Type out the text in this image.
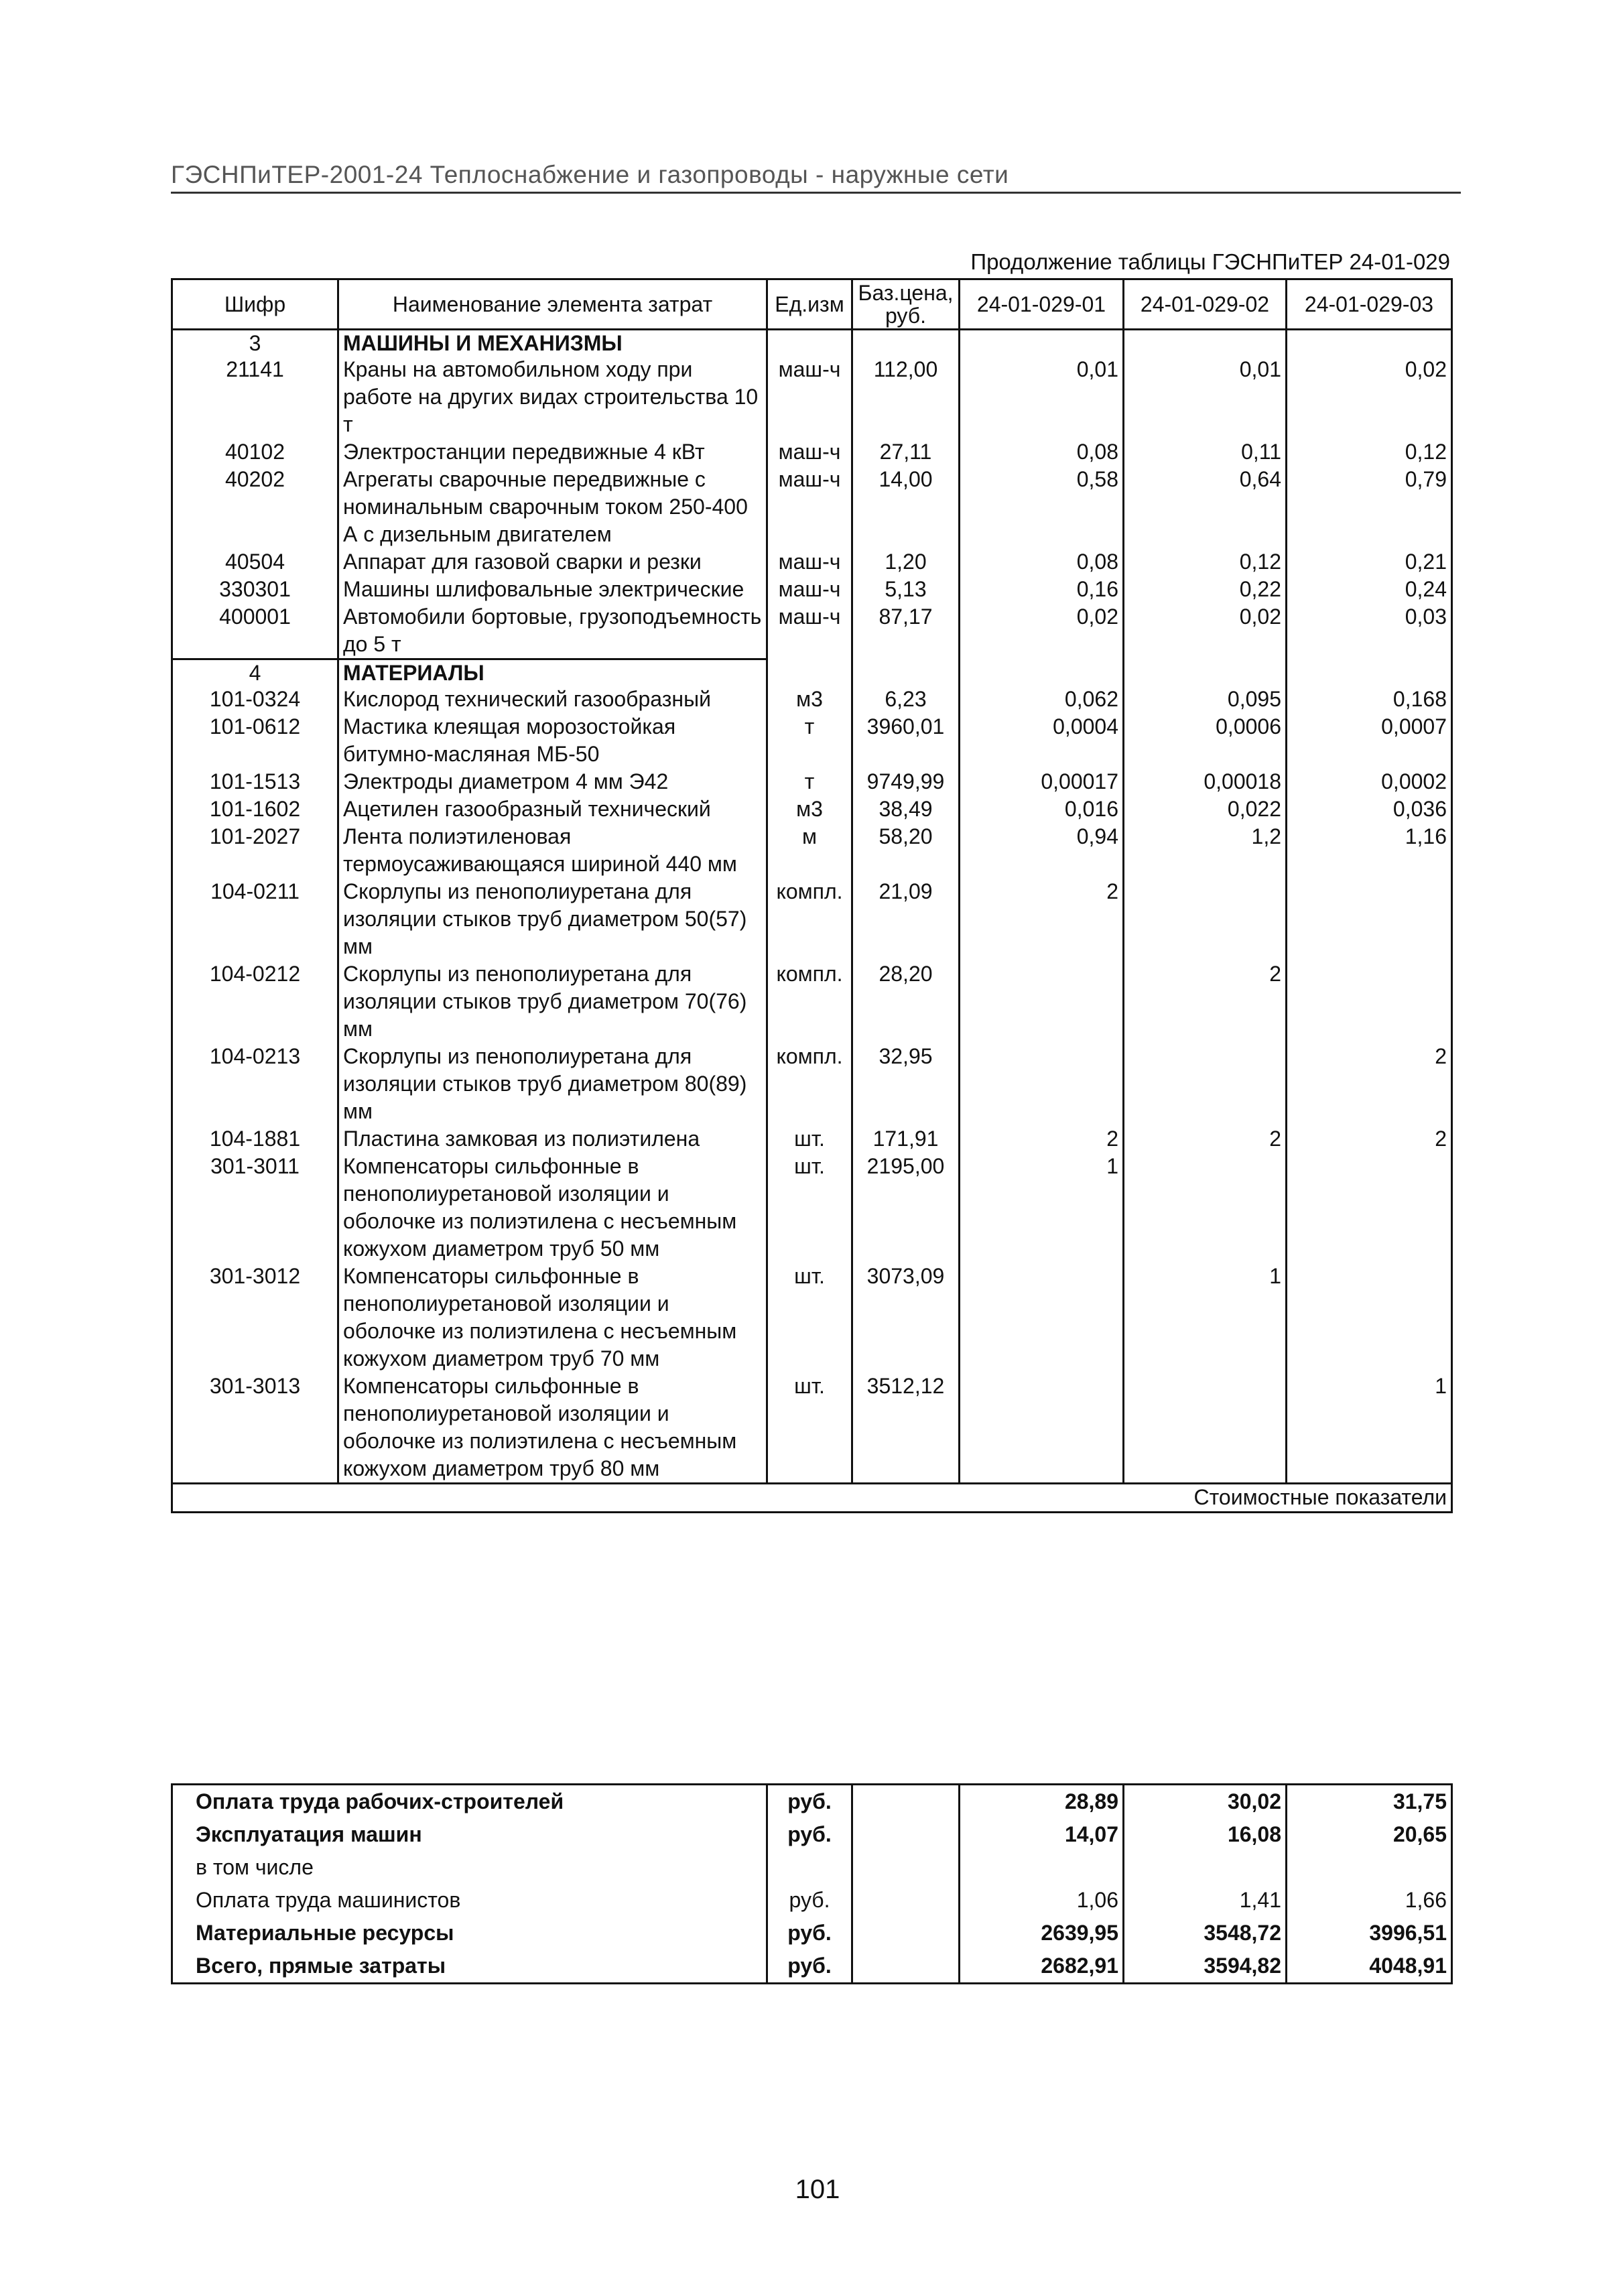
ГЭСНПиТЕР-2001-24 Теплоснабжение и газопроводы - наружные сети
Продолжение таблицы ГЭСНПиТЕР 24-01-029
Шифр	Наименование элемента затрат	Ед.изм	Баз.цена, руб.	24-01-029-01	24-01-029-02	24-01-029-03
3	МАШИНЫ И МЕХАНИЗМЫ					
21141	Краны на автомобильном ходу при работе на других видах строительства 10 т	маш-ч	112,00	0,01	0,01	0,02
40102	Электростанции передвижные 4 кВт	маш-ч	27,11	0,08	0,11	0,12
40202	Агрегаты сварочные передвижные с номинальным сварочным током 250-400 А с дизельным двигателем	маш-ч	14,00	0,58	0,64	0,79
40504	Аппарат для газовой сварки и резки	маш-ч	1,20	0,08	0,12	0,21
330301	Машины шлифовальные электрические	маш-ч	5,13	0,16	0,22	0,24
400001	Автомобили бортовые, грузоподъемность до 5 т	маш-ч	87,17	0,02	0,02	0,03
4	МАТЕРИАЛЫ					
101-0324	Кислород технический газообразный	м3	6,23	0,062	0,095	0,168
101-0612	Мастика клеящая морозостойкая битумно-масляная МБ-50	т	3960,01	0,0004	0,0006	0,0007
101-1513	Электроды диаметром 4 мм Э42	т	9749,99	0,00017	0,00018	0,0002
101-1602	Ацетилен газообразный технический	м3	38,49	0,016	0,022	0,036
101-2027	Лента полиэтиленовая термоусаживающаяся шириной 440 мм	м	58,20	0,94	1,2	1,16
104-0211	Скорлупы из пенополиуретана для изоляции стыков труб диаметром 50(57) мм	компл.	21,09	2		
104-0212	Скорлупы из пенополиуретана для изоляции стыков труб диаметром 70(76) мм	компл.	28,20		2	
104-0213	Скорлупы из пенополиуретана для изоляции стыков труб диаметром 80(89) мм	компл.	32,95			2
104-1881	Пластина замковая из полиэтилена	шт.	171,91	2	2	2
301-3011	Компенсаторы сильфонные в пенополиуретановой изоляции и оболочке из полиэтилена с несъемным кожухом диаметром труб 50 мм	шт.	2195,00	1		
301-3012	Компенсаторы сильфонные в пенополиуретановой изоляции и оболочке из полиэтилена с несъемным кожухом диаметром труб 70 мм	шт.	3073,09		1	
301-3013	Компенсаторы сильфонные в пенополиуретановой изоляции и оболочке из полиэтилена с несъемным кожухом диаметром труб 80 мм	шт.	3512,12			1
Стоимостные показатели						
Оплата труда рабочих-строителей	руб.		28,89	30,02	31,75
Эксплуатация машин	руб.		14,07	16,08	20,65
в том числе					
Оплата труда машинистов	руб.		1,06	1,41	1,66
Материальные ресурсы	руб.		2639,95	3548,72	3996,51
Всего, прямые затраты	руб.		2682,91	3594,82	4048,91
101
